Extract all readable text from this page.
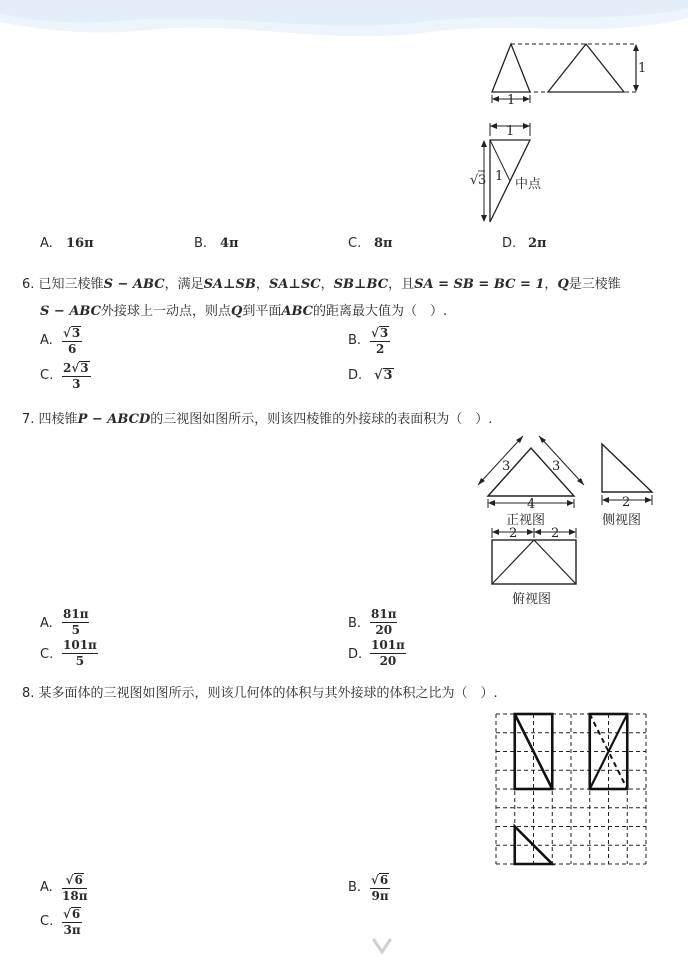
1
1
1
1
√ 3 中点
A. 16π	B. 4π	C. 8π	D. 2π
6. 已知三棱锥S − ABC，满足SA⊥SB，SA⊥SC，SB⊥BC，且SA = SB = BC = 1，Q是三棱锥
S − ABC外接球上一动点，则点Q到平面ABC的距离最大值为（　）.
A. $\frac{√3}{6}$	B. $\frac{√3}{2}$
C. $\frac{2√3}{3}$	D. √3
7. 四棱锥P − ABCD的三视图如图所示，则该四棱锥的外接球的表面积为（　）.
3	3
4
正视图
2
侧视图
2	2
俯视图
A. $\frac{81\pi}{5}$	B. $\frac{81\pi}{20}$
C. $\frac{101\pi}{5}$	D. $\frac{101\pi}{20}$
8. 某多面体的三视图如图所示，则该几何体的体积与其外接球的体积之比为（　）.
A. $\frac{√6}{18\pi}$	B. $\frac{√6}{9\pi}$
C. $\frac{√6}{3\pi}$
